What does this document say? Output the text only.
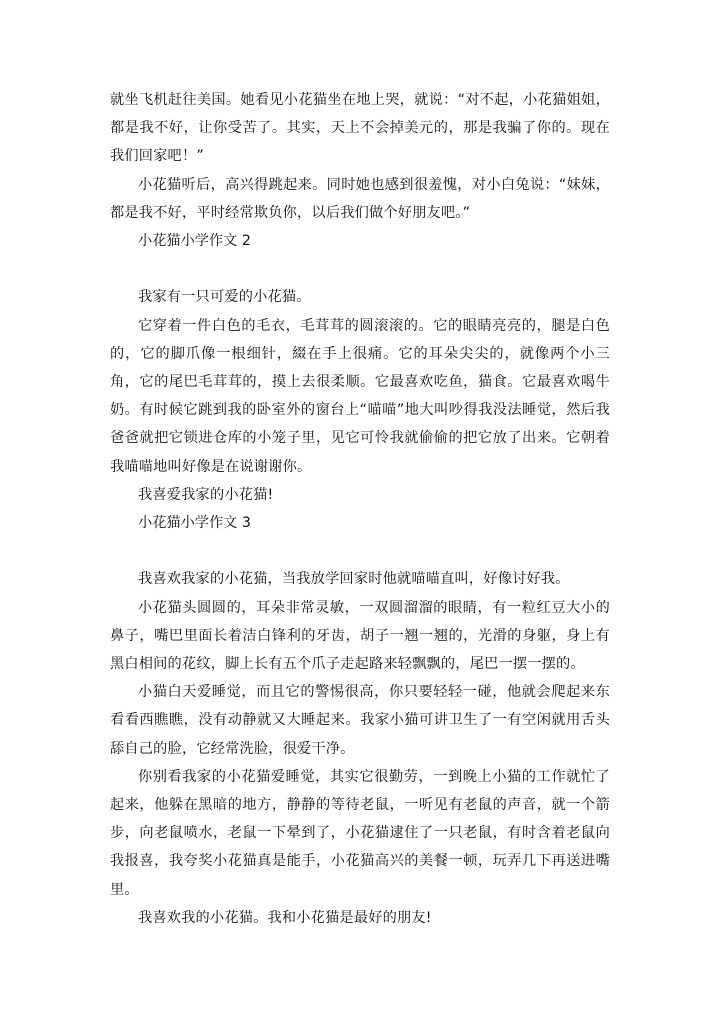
就坐飞机赶往美国。她看见小花猫坐在地上哭，就说：“对不起，小花猫姐姐，都是我不好，让你受苦了。其实，天上不会掉美元的，那是我骗了你的。现在我们回家吧！”

小花猫听后，高兴得跳起来。同时她也感到很羞愧，对小白兔说：“妹妹，都是我不好，平时经常欺负你，以后我们做个好朋友吧。”

小花猫小学作文 2

我家有一只可爱的小花猫。

它穿着一件白色的毛衣，毛茸茸的圆滚滚的。它的眼睛亮亮的，腿是白色的，它的脚爪像一根细针，綴在手上很痛。它的耳朵尖尖的，就像两个小三角，它的尾巴毛茸茸的，摸上去很柔顺。它最喜欢吃鱼，猫食。它最喜欢喝牛奶。有时候它跳到我的卧室外的窗台上“喵喵”地大叫吵得我没法睡觉，然后我爸爸就把它锁进仓库的小笼子里，见它可怜我就偷偷的把它放了出来。它朝着我喵喵地叫好像是在说谢谢你。

我喜爱我家的小花猫!

小花猫小学作文 3

我喜欢我家的小花猫，当我放学回家时他就喵喵直叫，好像讨好我。

小花猫头圆圆的，耳朵非常灵敏，一双圆溜溜的眼睛，有一粒红豆大小的鼻子，嘴巴里面长着洁白锋利的牙齿，胡子一翘一翘的，光滑的身躯，身上有黑白相间的花纹，脚上长有五个爪子走起路来轻飘飘的，尾巴一摆一摆的。

小猫白天爱睡觉，而且它的警惕很高，你只要轻轻一碰，他就会爬起来东看看西瞧瞧，没有动静就又大睡起来。我家小猫可讲卫生了一有空闲就用舌头舔自己的脸，它经常洗脸，很爱干净。

你别看我家的小花猫爱睡觉，其实它很勤劳，一到晚上小猫的工作就忙了起来，他躲在黑暗的地方，静静的等待老鼠，一听见有老鼠的声音，就一个箭步，向老鼠喷水，老鼠一下晕到了，小花猫逮住了一只老鼠，有时含着老鼠向我报喜，我夸奖小花猫真是能手，小花猫高兴的美餐一顿，玩弄几下再送进嘴里。

我喜欢我的小花猫。我和小花猫是最好的朋友!
